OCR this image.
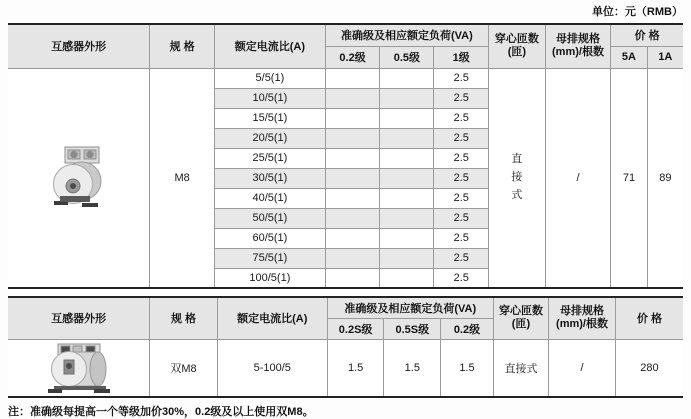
单位：元（RMB）
互感器外形	规 格	额定电流比(A)	准确级及相应额定负荷(VA)	穿心匝数
(匝)

母排规格
(mm)/根数
	价 格
			0.2级	0.5级	1级			5A	1A

	M8	5/5(1)			2.5	直接式	/	71	89
		10/5(1)			2.5				
		15/5(1)			2.5				
		20/5(1)			2.5				
		25/5(1)			2.5				
		30/5(1)			2.5				
		40/5(1)			2.5				
		50/5(1)			2.5				
		60/5(1)			2.5				
		75/5(1)			2.5				
		100/5(1)			2.5				
互感器外形	规 格	额定电流比(A)	准确级及相应额定负荷(VA)	穿心匝数
(匝)

母排规格
(mm)/根数	价 格
			0.2S级	0.5S级	0.2级			

	双M8	5-100/5	1.5	1.5	1.5	直接式	/	280
注：准确级每提高一个等级加价30%，0.2级及以上使用双M8。
